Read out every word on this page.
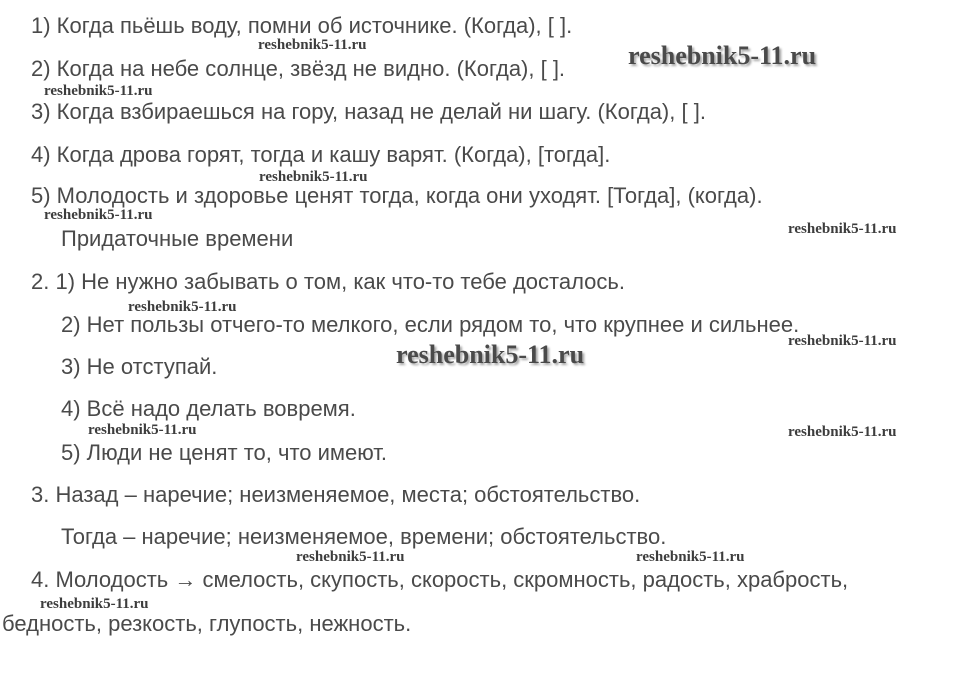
1) Когда пьёшь воду, помни об источнике. (Когда), [ ].
2) Когда на небе солнце, звёзд не видно. (Когда), [ ].
3) Когда взбираешься на гору, назад не делай ни шагу. (Когда), [ ].
4) Когда дрова горят, тогда и кашу варят. (Когда), [тогда].
5) Молодость и здоровье ценят тогда, когда они уходят. [Тогда], (когда).
Придаточные времени
2. 1) Не нужно забывать о том, как что-то тебе досталось.
2) Нет пользы отчего-то мелкого, если рядом то, что крупнее и сильнее.
3) Не отступай.
4) Всё надо делать вовремя.
5) Люди не ценят то, что имеют.
3. Назад – наречие; неизменяемое, места; обстоятельство.
Тогда – наречие; неизменяемое, времени; обстоятельство.
4. Молодость → смелость, скупость, скорость, скромность, радость, храбрость,
бедность, резкость, глупость, нежность.
reshebnik5-11.ru	reshebnik5-11.ru
reshebnik5-11.ru
reshebnik5-11.ru
reshebnik5-11.ru
reshebnik5-11.ru
reshebnik5-11.ru
reshebnik5-11.ru
reshebnik5-11.ru
reshebnik5-11.ru	reshebnik5-11.ru
reshebnik5-11.ru	reshebnik5-11.ru
reshebnik5-11.ru
